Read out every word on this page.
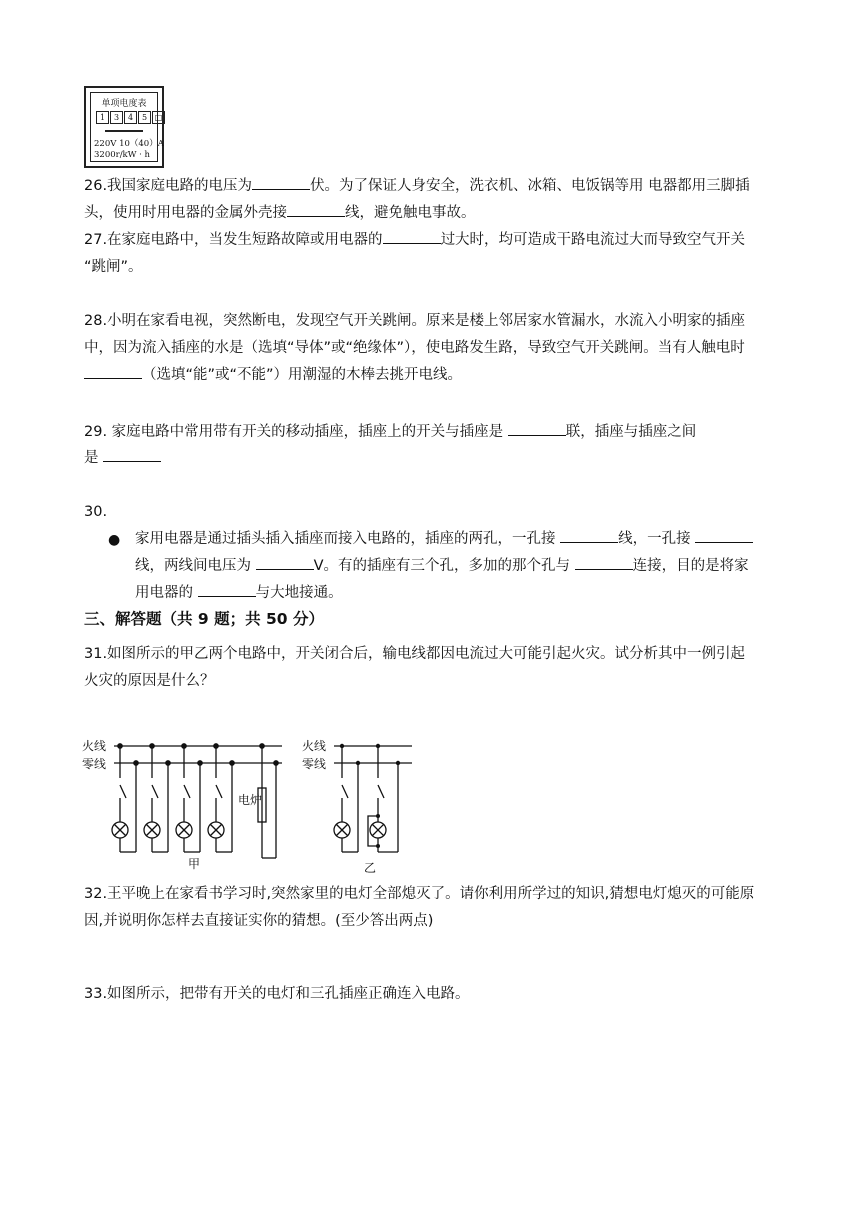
单项电度表
1	3	4	5 □
220V 10（40）A
3200r/kW · h
26.我国家庭电路的电压为	伏。为了保证人身安全，洗衣机、冰箱、电饭锅等用 电器都用三脚插
头，使用时用电器的金属外壳接	线，避免触电事故。
27.在家庭电路中，当发生短路故障或用电器的	过大时，均可造成干路电流过大而导致空气开关
“跳闸”。
28.小明在家看电视，突然断电，发现空气开关跳闸。原来是楼上邻居家水管漏水，水流入小明家的插座
中，因为流入插座的水是（选填“导体”或“绝缘体”），使电路发生路，导致空气开关跳闸。当有人触电时
（选填“能”或“不能”）用潮湿的木棒去挑开电线。
29. 家庭电路中常用带有开关的移动插座，插座上的开关与插座是	联，插座与插座之间
是
30.
● 家用电器是通过插头插入插座而接入电路的，插座的两孔，一孔接	线，一孔接
线，两线间电压为	V。有的插座有三个孔，多加的那个孔与	连接，目的是将家
用电器的	与大地接通。
三、解答题（共 9 题；共 50 分）
31.如图所示的甲乙两个电路中，开关闭合后，输电线都因电流过大可能引起火灾。试分析其中一例引起
火灾的原因是什么？
火线
零线
火线
零线
电炉
甲	乙
32.王平晚上在家看书学习时,突然家里的电灯全部熄灭了。请你利用所学过的知识,猜想电灯熄灭的可能原
因,并说明你怎样去直接证实你的猜想。(至少答出两点)
33.如图所示，把带有开关的电灯和三孔插座正确连入电路。
